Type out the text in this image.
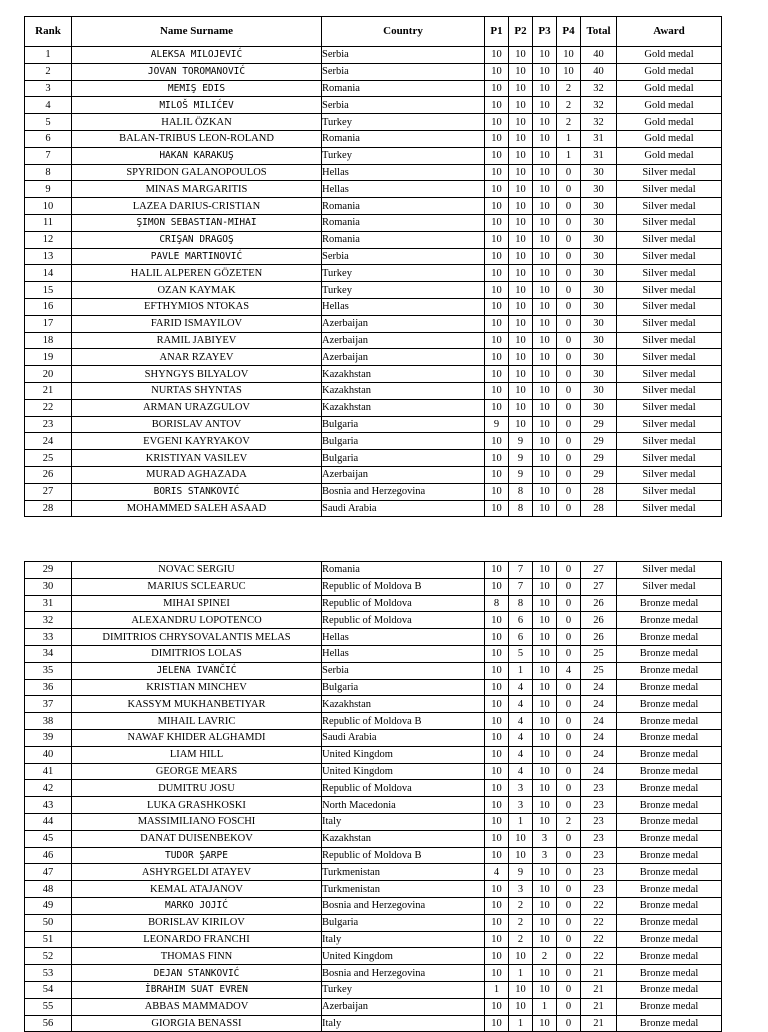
Rank	Name Surname	Country	P1	P2	P3	P4	Total	Award
1	ALEKSA MILOJEVIĆ	Serbia	10	10	10	10	40	Gold medal
2	JOVAN TOROMANOVIĆ	Serbia	10	10	10	10	40	Gold medal
3	MEMIŞ EDIS	Romania	10	10	10	2	32	Gold medal
4	MILOŠ MILIĆEV	Serbia	10	10	10	2	32	Gold medal
5	HALIL ÖZKAN	Turkey	10	10	10	2	32	Gold medal
6	BALAN-TRIBUS LEON-ROLAND	Romania	10	10	10	1	31	Gold medal
7	HAKAN KARAKUŞ	Turkey	10	10	10	1	31	Gold medal
8	SPYRIDON GALANOPOULOS	Hellas	10	10	10	0	30	Silver medal
9	MINAS MARGARITIS	Hellas	10	10	10	0	30	Silver medal
10	LAZEA DARIUS-CRISTIAN	Romania	10	10	10	0	30	Silver medal
11	ŞIMON SEBASTIAN-MIHAI	Romania	10	10	10	0	30	Silver medal
12	CRIŞAN DRAGOŞ	Romania	10	10	10	0	30	Silver medal
13	PAVLE MARTINOVIĆ	Serbia	10	10	10	0	30	Silver medal
14	HALIL ALPEREN GÖZETEN	Turkey	10	10	10	0	30	Silver medal
15	OZAN KAYMAK	Turkey	10	10	10	0	30	Silver medal
16	EFTHYMIOS NTOKAS	Hellas	10	10	10	0	30	Silver medal
17	FARID ISMAYILOV	Azerbaijan	10	10	10	0	30	Silver medal
18	RAMIL JABIYEV	Azerbaijan	10	10	10	0	30	Silver medal
19	ANAR RZAYEV	Azerbaijan	10	10	10	0	30	Silver medal
20	SHYNGYS BILYALOV	Kazakhstan	10	10	10	0	30	Silver medal
21	NURTAS SHYNTAS	Kazakhstan	10	10	10	0	30	Silver medal
22	ARMAN URAZGULOV	Kazakhstan	10	10	10	0	30	Silver medal
23	BORISLAV ANTOV	Bulgaria	9	10	10	0	29	Silver medal
24	EVGENI KAYRYAKOV	Bulgaria	10	9	10	0	29	Silver medal
25	KRISTIYAN VASILEV	Bulgaria	10	9	10	0	29	Silver medal
26	MURAD AGHAZADA	Azerbaijan	10	9	10	0	29	Silver medal
27	BORIS STANKOVIĆ	Bosnia and Herzegovina	10	8	10	0	28	Silver medal
28	MOHAMMED SALEH ASAAD	Saudi Arabia	10	8	10	0	28	Silver medal
29	NOVAC SERGIU	Romania	10	7	10	0	27	Silver medal
30	MARIUS SCLEARUC	Republic of Moldova B	10	7	10	0	27	Silver medal
31	MIHAI SPINEI	Republic of Moldova	8	8	10	0	26	Bronze medal
32	ALEXANDRU LOPOTENCO	Republic of Moldova	10	6	10	0	26	Bronze medal
33	DIMITRIOS CHRYSOVALANTIS MELAS	Hellas	10	6	10	0	26	Bronze medal
34	DIMITRIOS LOLAS	Hellas	10	5	10	0	25	Bronze medal
35	JELENA IVANČIĆ	Serbia	10	1	10	4	25	Bronze medal
36	KRISTIAN MINCHEV	Bulgaria	10	4	10	0	24	Bronze medal
37	KASSYM MUKHANBETIYAR	Kazakhstan	10	4	10	0	24	Bronze medal
38	MIHAIL LAVRIC	Republic of Moldova B	10	4	10	0	24	Bronze medal
39	NAWAF KHIDER ALGHAMDI	Saudi Arabia	10	4	10	0	24	Bronze medal
40	LIAM HILL	United Kingdom	10	4	10	0	24	Bronze medal
41	GEORGE MEARS	United Kingdom	10	4	10	0	24	Bronze medal
42	DUMITRU JOSU	Republic of Moldova	10	3	10	0	23	Bronze medal
43	LUKA GRASHKOSKI	North Macedonia	10	3	10	0	23	Bronze medal
44	MASSIMILIANO FOSCHI	Italy	10	1	10	2	23	Bronze medal
45	DANAT DUISENBEKOV	Kazakhstan	10	10	3	0	23	Bronze medal
46	TUDOR ŞARPE	Republic of Moldova B	10	10	3	0	23	Bronze medal
47	ASHYRGELDI ATAYEV	Turkmenistan	4	9	10	0	23	Bronze medal
48	KEMAL ATAJANOV	Turkmenistan	10	3	10	0	23	Bronze medal
49	MARKO JOJIĆ	Bosnia and Herzegovina	10	2	10	0	22	Bronze medal
50	BORISLAV KIRILOV	Bulgaria	10	2	10	0	22	Bronze medal
51	LEONARDO FRANCHI	Italy	10	2	10	0	22	Bronze medal
52	THOMAS FINN	United Kingdom	10	10	2	0	22	Bronze medal
53	DEJAN STANKOVIĆ	Bosnia and Herzegovina	10	1	10	0	21	Bronze medal
54	İBRAHIM SUAT EVREN	Turkey	1	10	10	0	21	Bronze medal
55	ABBAS MAMMADOV	Azerbaijan	10	10	1	0	21	Bronze medal
56	GIORGIA BENASSI	Italy	10	1	10	0	21	Bronze medal
